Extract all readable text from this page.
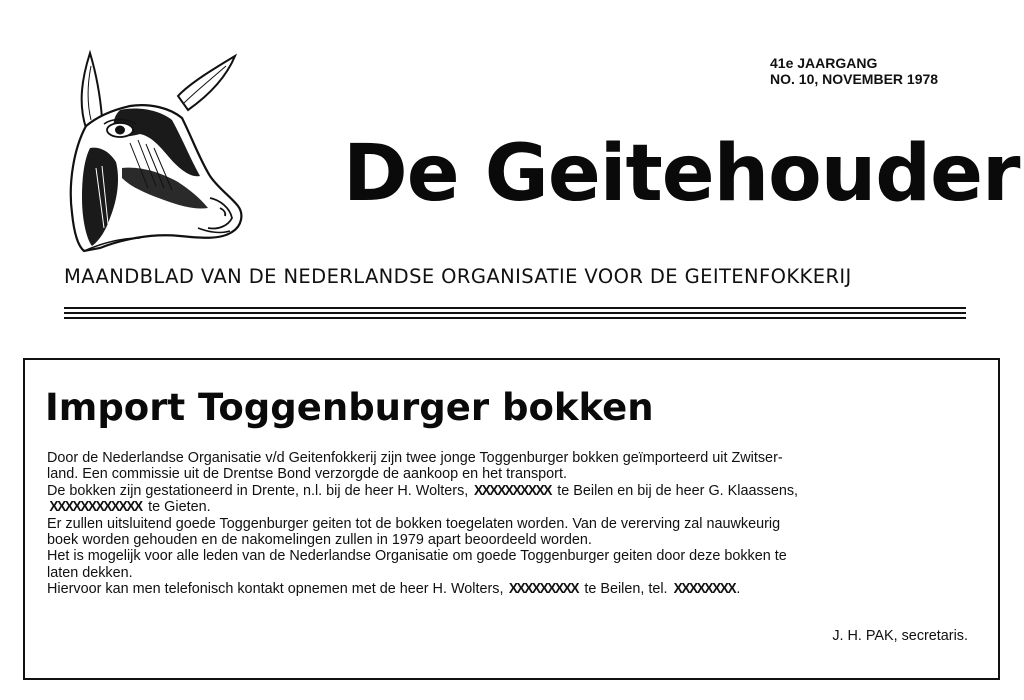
41e JAARGANG
NO. 10, NOVEMBER 1978
De Geitehouder
MAANDBLAD VAN DE NEDERLANDSE ORGANISATIE VOOR DE GEITENFOKKERIJ
Import Toggenburger bokken

Door de Nederlandse Organisatie v/d Geitenfokkerij zijn twee jonge Toggenburger bokken geïmporteerd uit Zwitser-

land. Een commissie uit de Drentse Bond verzorgde de aankoop en het transport.

De bokken zijn gestationeerd in Drente, n.l. bij de heer H. Wolters, XXXXXXXXXX te Beilen en bij de heer G. Klaassens,

XXXXXXXXXXXX te Gieten.

Er zullen uitsluitend goede Toggenburger geiten tot de bokken toegelaten worden. Van de vererving zal nauwkeurig

boek worden gehouden en de nakomelingen zullen in 1979 apart beoordeeld worden.

Het is mogelijk voor alle leden van de Nederlandse Organisatie om goede Toggenburger geiten door deze bokken te

laten dekken.

Hiervoor kan men telefonisch kontakt opnemen met de heer H. Wolters, XXXXXXXXX te Beilen, tel. XXXXXXXX .

J. H. PAK, secretaris.
